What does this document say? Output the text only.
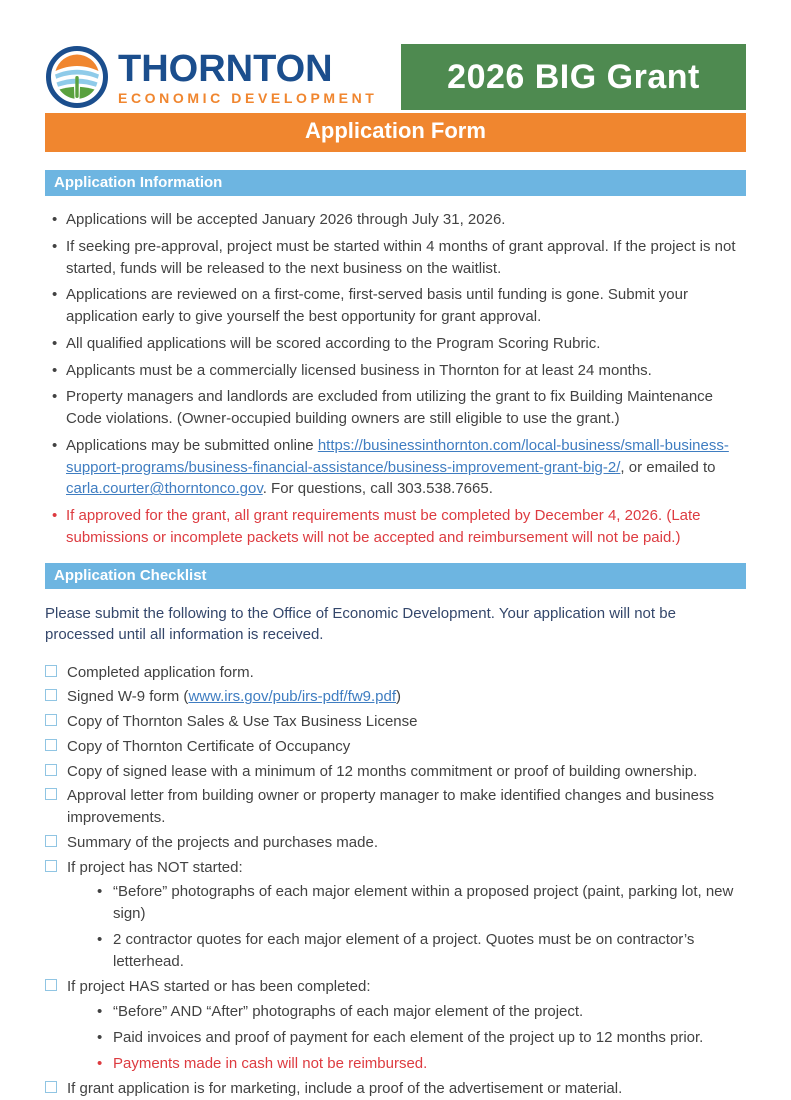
THORNTON
ECONOMIC DEVELOPMENT
2026 BIG Grant
Application Form
Application Information
• Applications will be accepted January 2026 through July 31, 2026.
• If seeking pre-approval, project must be started within 4 months of grant approval. If the project is not started, funds will be released to the next business on the waitlist.
• Applications are reviewed on a first-come, first-served basis until funding is gone. Submit your application early to give yourself the best opportunity for grant approval.
• All qualified applications will be scored according to the Program Scoring Rubric.
• Applicants must be a commercially licensed business in Thornton for at least 24 months.
• Property managers and landlords are excluded from utilizing the grant to fix Building Maintenance Code violations. (Owner-occupied building owners are still eligible to use the grant.)
• Applications may be submitted online https://businessinthornton.com/local-business/small-business-support-programs/business-financial-assistance/business-improvement-grant-big-2/, or emailed to carla.courter@thorntonco.gov. For questions, call 303.538.7665.
• If approved for the grant, all grant requirements must be completed by December 4, 2026. (Late submissions or incomplete packets will not be accepted and reimbursement will not be paid.)
Application Checklist

Please submit the following to the Office of Economic Development. Your application will not be processed until all information is received.

Completed application form.
Signed W-9 form (www.irs.gov/pub/irs-pdf/fw9.pdf)
Copy of Thornton Sales & Use Tax Business License
Copy of Thornton Certificate of Occupancy
Copy of signed lease with a minimum of 12 months commitment or proof of building ownership.
Approval letter from building owner or property manager to make identified changes and business improvements.
Summary of the projects and purchases made.
If project has NOT started:
• “Before” photographs of each major element within a proposed project (paint, parking lot, new sign)
• 2 contractor quotes for each major element of a project. Quotes must be on contractor’s letterhead.
If project HAS started or has been completed:
• “Before” AND “After” photographs of each major element of the project.
• Paid invoices and proof of payment for each element of the project up to 12 months prior.
• Payments made in cash will not be reimbursed.
If grant application is for marketing, include a proof of the advertisement or material.
